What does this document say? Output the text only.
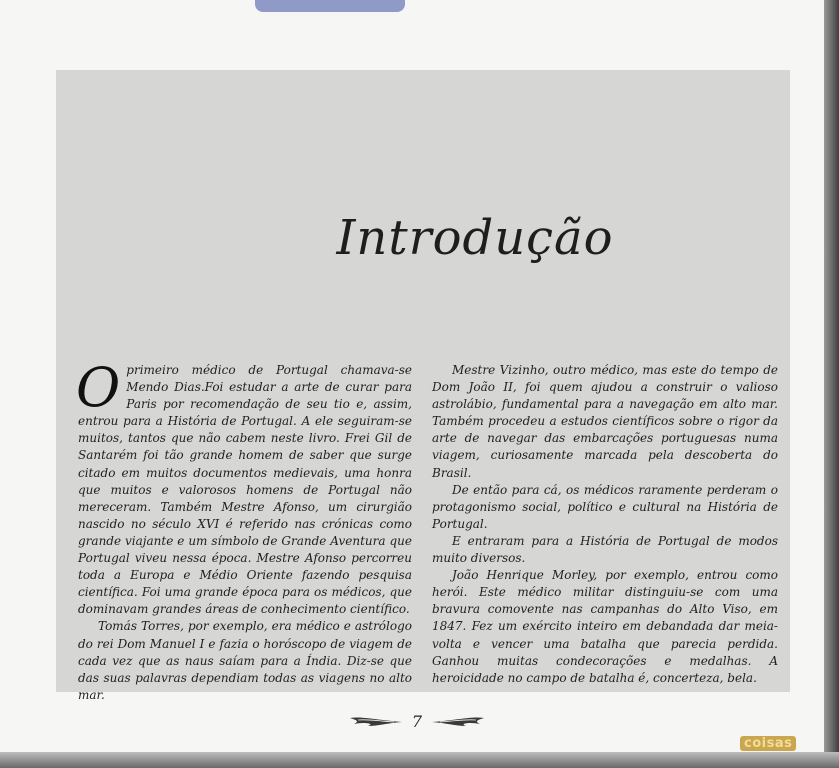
Introdução

Oprimeiro médico de Portugal chamava-se Mendo Dias.Foi estudar a arte de curar para Paris por recomendação de seu tio e, assim, entrou para a História de Portugal. A ele seguiram-se muitos, tantos que não cabem neste livro. Frei Gil de Santarém foi tão grande homem de saber que surge citado em muitos documentos medievais, uma honra que muitos e valorosos homens de Portugal não mereceram. Também Mestre Afonso, um cirurgião nascido no século XVI é referido nas crónicas como grande viajante e um símbolo de Grande Aventura que Portugal viveu nessa época. Mestre Afonso percorreu toda a Europa e Médio Oriente fazendo pesquisa científica. Foi uma grande época para os médicos, que dominavam grandes áreas de conhecimento científico.

Tomás Torres, por exemplo, era médico e astrólogo do rei Dom Manuel I e fazia o horóscopo de viagem de cada vez que as naus saíam para a Índia. Diz-se que das suas palavras dependiam todas as viagens no alto mar.

Mestre Vizinho, outro médico, mas este do tempo de Dom João II, foi quem ajudou a construir o valioso astrolábio, fundamental para a navegação em alto mar. Também procedeu a estudos científicos sobre o rigor da arte de navegar das embarcações portuguesas numa viagem, curiosamente marcada pela descoberta do Brasil.

De então para cá, os médicos raramente perderam o protagonismo social, político e cultural na História de Portugal.

E entraram para a História de Portugal de modos muito diversos.

João Henrique Morley, por exemplo, entrou como herói. Este médico militar distinguiu-se com uma bravura comovente nas campanhas do Alto Viso, em 1847. Fez um exército inteiro em debandada dar meia-volta e vencer uma batalha que parecia perdida. Ganhou muitas condecorações e medalhas. A heroicidade no campo de batalha é, concerteza, bela.

7
coisas
